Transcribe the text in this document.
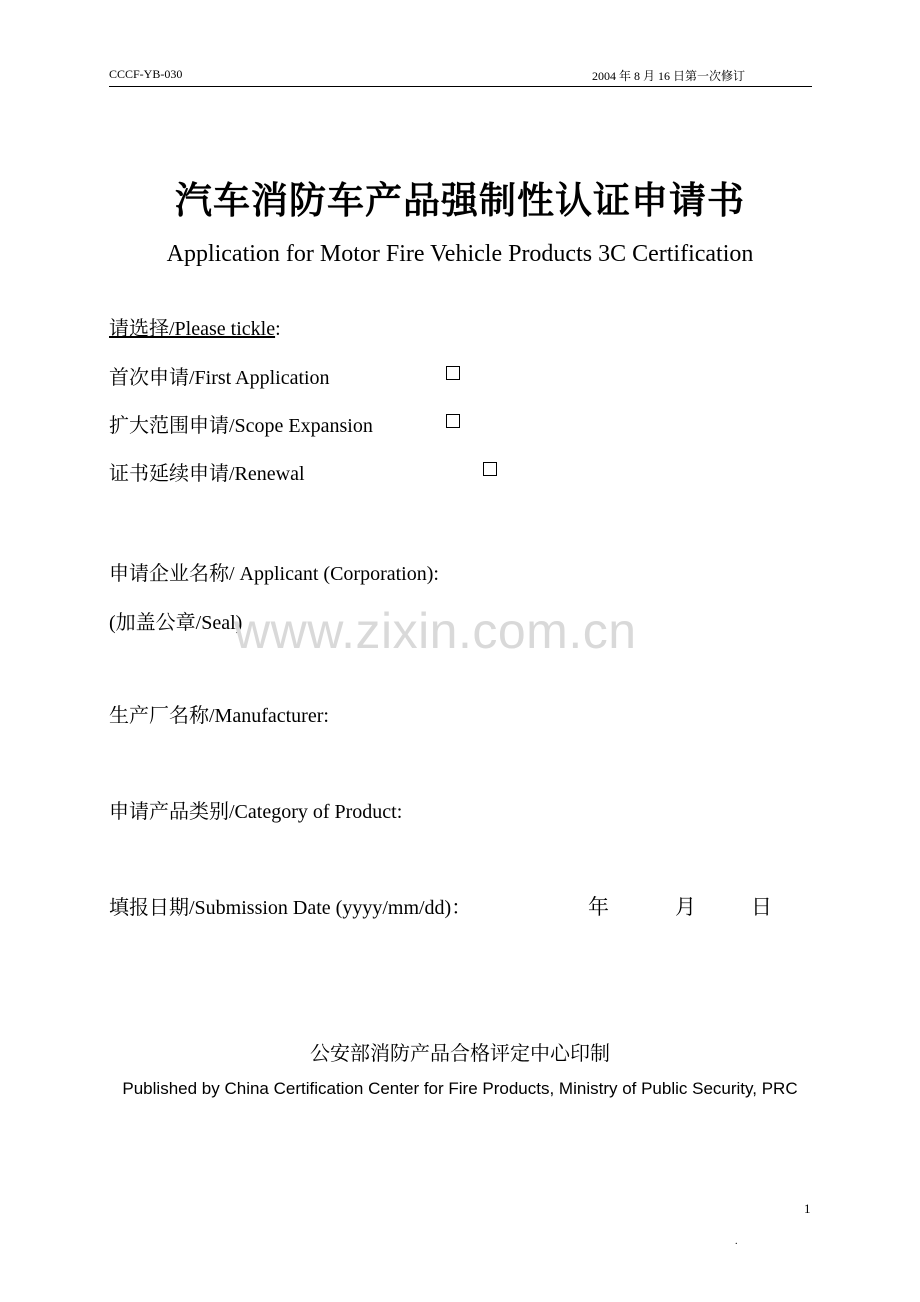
CCCF-YB-030	2004 年 8 月 16 日第一次修订
汽车消防车产品强制性认证申请书
Application for Motor Fire Vehicle Products 3C Certification
请选择/Please tickle:
首次申请/First Application
扩大范围申请/Scope Expansion
证书延续申请/Renewal
申请企业名称/ Applicant (Corporation):
(加盖公章/Seal)
www.zixin.com.cn
生产厂名称/Manufacturer:
申请产品类别/Category of Product:
填报日期/Submission Date (yyyy/mm/dd)：	年	月	日
公安部消防产品合格评定中心印制
Published by China Certification Center for Fire Products, Ministry of Public Security, PRC
1
.
